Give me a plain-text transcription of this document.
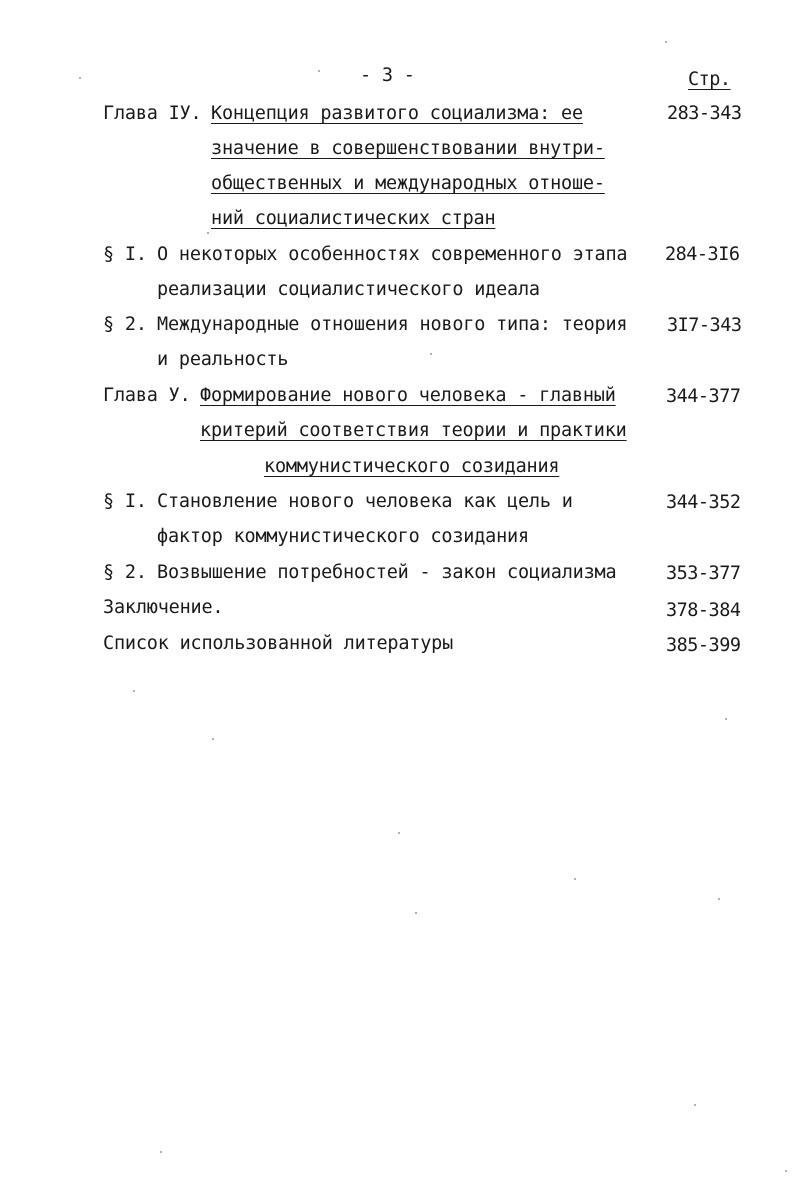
- 3 -	Стр.
Глава IУ. Концепция развитого социализма: ее	283-343
значение в совершенствовании внутри-
общественных и международных отноше-
ний социалистических стран
§ I. О некоторых особенностях современного этапа 284-3I6
реализации социалистического идеала
§ 2. Международные отношения нового типа: теория 3I7-343
и реальность
Глава У. Формирование нового человека - главный	344-377
критерий соответствия теории и практики
коммунистического созидания
§ I. Становление нового человека как цель и	344-352
фактор коммунистического созидания
§ 2. Возвышение потребностей - закон социализма	353-377
Заключение.	378-384
Список использованной литературы	385-399
